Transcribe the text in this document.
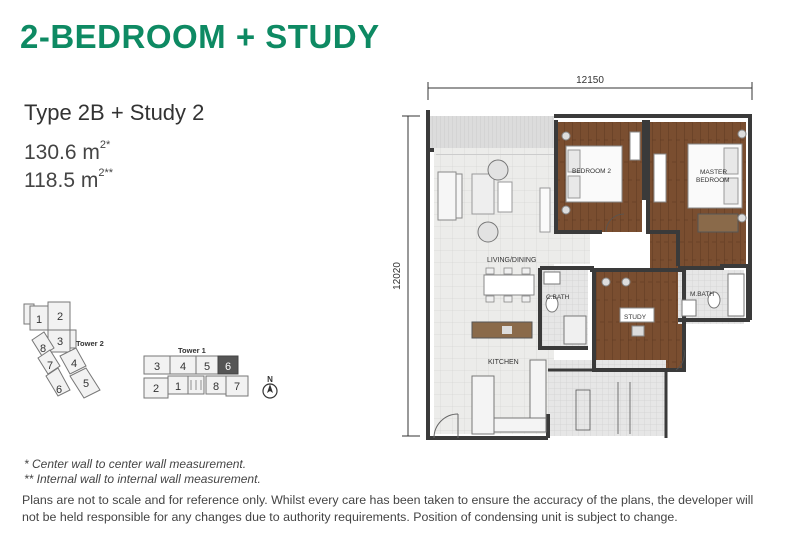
2-BEDROOM + STUDY
Type 2B + Study 2
130.6 $m^{2*}$
118.5 $m^{2**}$
1 2
3
4
5
6
7
8	Tower 2
Tower 1
3 4 5 6
2 1	8 7
N
12150
12020
LIVING/DINING
KITCHEN
BEDROOM 2	MASTER
BEDROOM
STUDY
C.BATH	M.BATH
* Center wall to center wall measurement.
** Internal wall to internal wall measurement.
Plans are not to scale and for reference only. Whilst every care has been taken to ensure the accuracy of the plans, the developer will not be held responsible for any changes due to authority requirements. Position of condensing unit is subject to change.
